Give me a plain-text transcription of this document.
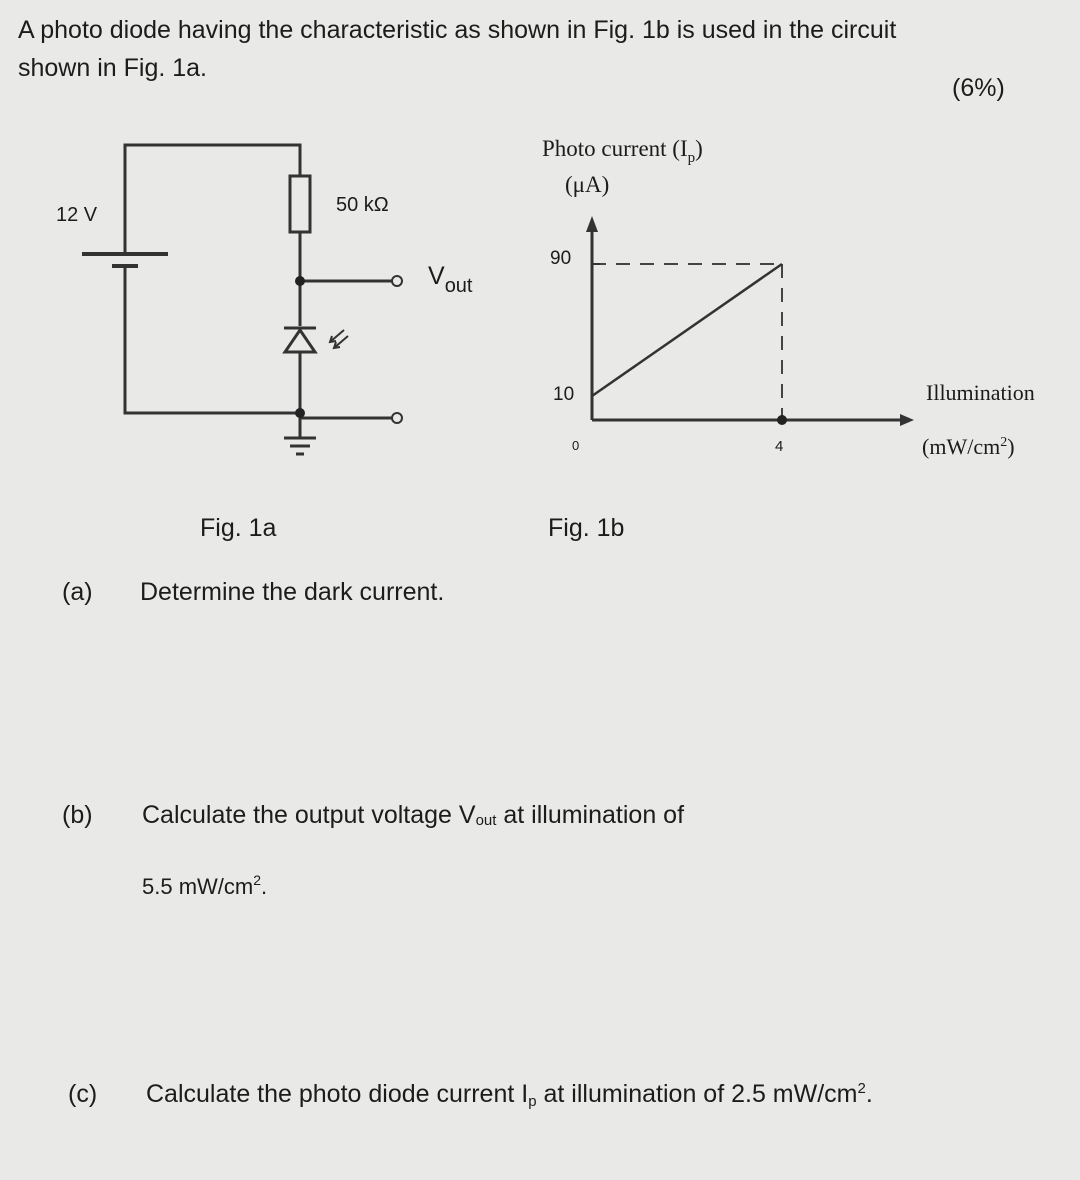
A photo diode having the characteristic as shown in Fig. 1b is used in the circuit
shown in Fig. 1a.
(6%)
12 V	50 kΩ
$V_{out}$
Fig. 1a
Photo current $(I_p)$
(μA)
90
10
0	4
Illumination
$(mW/cm^2)$
Fig. 1b
(a) Determine the dark current.
(b) Calculate the output voltage Vout at illumination of
5.5 $mW/cm^2$.
(c) Calculate the photo diode current Ip at illumination of 2.5 $mW/cm^2$.
